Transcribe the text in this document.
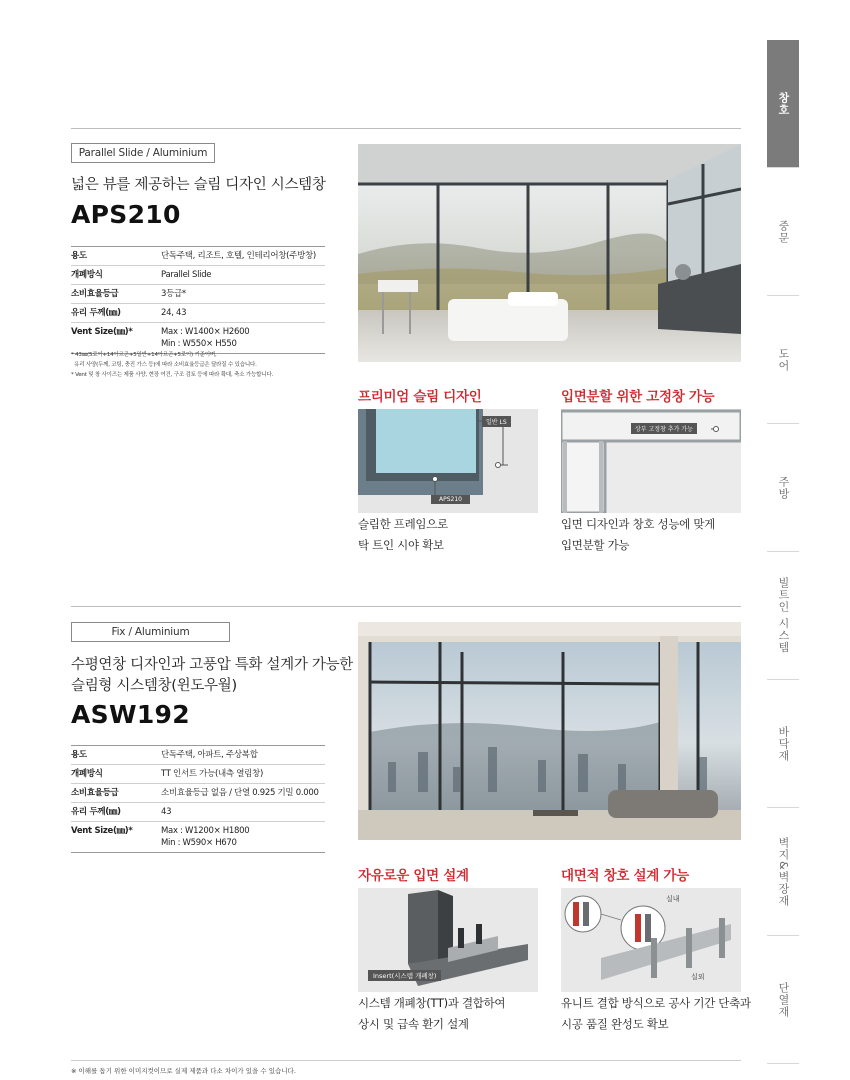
창호
중문
도어
주방
빌트인 시스템
바닥재
벽지&벽장재
단열재
Parallel Slide / Aluminium
넓은 뷰를 제공하는 슬림 디자인 시스템창
APS210
용도	단독주택, 리조트, 호텔, 인테리어창(주방창)
개폐방식	Parallel Slide
소비효율등급	3등급*
유리 두께(㎜)	24, 43
Vent Size(㎜)*	Max : W1400× H2600
Min : W550× H550
* 43㎜(5로이+14아르곤+5일반+14아르곤+5로이) 기준이며,
유리 사양(두께, 코팅, 충진 가스 등)에 따라 소비효율등급은 달라질 수 있습니다.
* Vent 및 창 사이즈는 제품 사양, 현장 여건, 구조 검토 등에 따라 확대, 축소 가능합니다.
프리미엄 슬림 디자인
일반 LS
APS210
슬림한 프레임으로
탁 트인 시야 확보
입면분할 위한 고정창 가능
상부 고정창 추가 가능
입면 디자인과 창호 성능에 맞게
입면분할 가능
Fix / Aluminium
수평연창 디자인과 고풍압 특화 설계가 가능한
슬림형 시스템창(윈도우월)
ASW192
용도	단독주택, 아파트, 주상복합
개폐방식	TT 인서트 가능(내측 열림창)
소비효율등급	소비효율등급 없음 / 단열 0.925 기밀 0.000
유리 두께(㎜)	43
Vent Size(㎜)*	Max : W1200× H1800
Min : W590× H670
자유로운 입면 설계
Insert(시스템 개폐창)
시스템 개폐창(TT)과 결합하여
상시 및 급속 환기 설계
대면적 창호 설계 가능
실내
실외
유니트 결합 방식으로 공사 기간 단축과
시공 품질 완성도 확보
※ 이해를 돕기 위한 이미지컷이므로 실제 제품과 다소 차이가 있을 수 있습니다.
